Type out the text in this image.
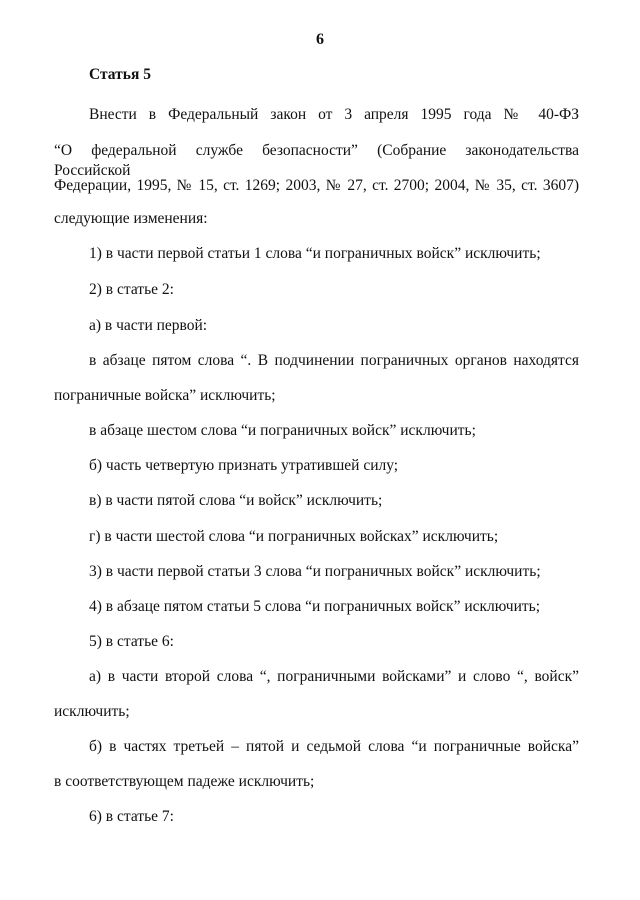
6
Статья 5
Внести в Федеральный закон от 3 апреля 1995 года № 40-ФЗ
“О федеральной службе безопасности” (Собрание законодательства Российской
Федерации, 1995, № 15, ст. 1269; 2003, № 27, ст. 2700; 2004, № 35, ст. 3607)
следующие изменения:
1) в части первой статьи 1 слова “и пограничных войск” исключить;
2) в статье 2:
а) в части первой:
в абзаце пятом слова “. В подчинении пограничных органов находятся
пограничные войска” исключить;
в абзаце шестом слова “и пограничных войск” исключить;
б) часть четвертую признать утратившей силу;
в) в части пятой слова “и войск” исключить;
г) в части шестой слова “и пограничных войсках” исключить;
3) в части первой статьи 3 слова “и пограничных войск” исключить;
4) в абзаце пятом статьи 5 слова “и пограничных войск” исключить;
5) в статье 6:
а) в части второй слова “, пограничными войсками” и слово “, войск”
исключить;
б) в частях третьей – пятой и седьмой слова “и пограничные войска”
в соответствующем падеже исключить;
6) в статье 7:
